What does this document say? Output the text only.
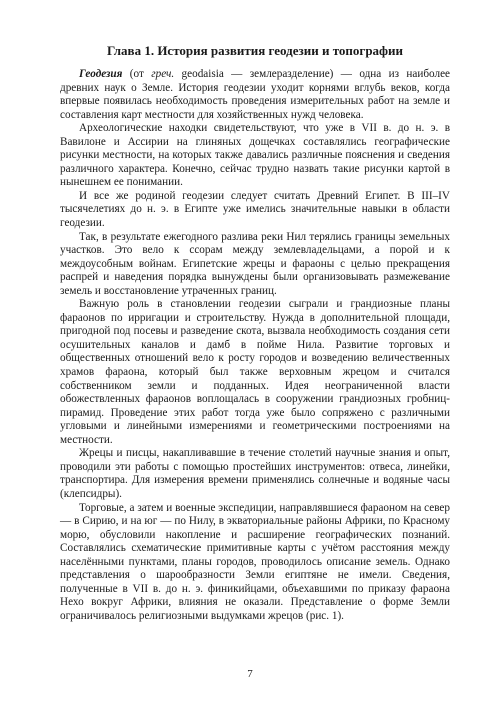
Глава 1. История развития геодезии и топографии

Геодезия (от греч. geodaisia — землеразделение) — одна из наиболее древних наук о Земле. История геодезии уходит корнями вглубь веков, когда впервые появилась необходимость проведения измерительных работ на земле и составления карт местности для хозяйственных нужд человека.

Археологические находки свидетельствуют, что уже в VII в. до н. э. в Вавилоне и Ассирии на глиняных дощечках составлялись географические рисунки местности, на которых также давались различные пояснения и сведения различного характера. Конечно, сейчас трудно назвать такие рисунки картой в нынешнем ее понимании.

И все же родиной геодезии следует считать Древний Египет. В III–IV тысячелетиях до н. э. в Египте уже имелись значительные навыки в области геодезии.

Так, в результате ежегодного разлива реки Нил терялись границы земельных участков. Это вело к ссорам между землевладельцами, а порой и к междоусобным войнам. Египетские жрецы и фараоны с целью прекращения распрей и наведения порядка вынуждены были организовывать размежевание земель и восстановление утраченных границ.

Важную роль в становлении геодезии сыграли и грандиозные планы фараонов по ирригации и строительству. Нужда в дополнительной площади, пригодной под посевы и разведение скота, вызвала необходимость создания сети осушительных каналов и дамб в пойме Нила. Развитие торговых и общественных отношений вело к росту городов и возведению величественных храмов фараона, который был также верховным жрецом и считался собственником земли и подданных. Идея неограниченной власти обожествленных фараонов воплощалась в сооружении грандиозных гробниц-пирамид. Проведение этих работ тогда уже было сопряжено с различными угловыми и линейными измерениями и геометрическими построениями на местности.

Жрецы и писцы, накапливавшие в течение столетий научные знания и опыт, проводили эти работы с помощью простейших инструментов: отвеса, линейки, транспортира. Для измерения времени применялись солнечные и водяные часы (клепсидры).

Торговые, а затем и военные экспедиции, направлявшиеся фараоном на север — в Сирию, и на юг — по Нилу, в экваториальные районы Африки, по Красному морю, обусловили накопление и расширение географических познаний. Составлялись схематические примитивные карты с учётом расстояния между населёнными пунктами, планы городов, проводилось описание земель. Однако представления о шарообразности Земли египтяне не имели. Сведения, полученные в VII в. до н. э. финикийцами, объехавшими по приказу фараона Нехо вокруг Африки, влияния не оказали. Представление о форме Земли ограничивалось религиозными выдумками жрецов (рис. 1).

7
